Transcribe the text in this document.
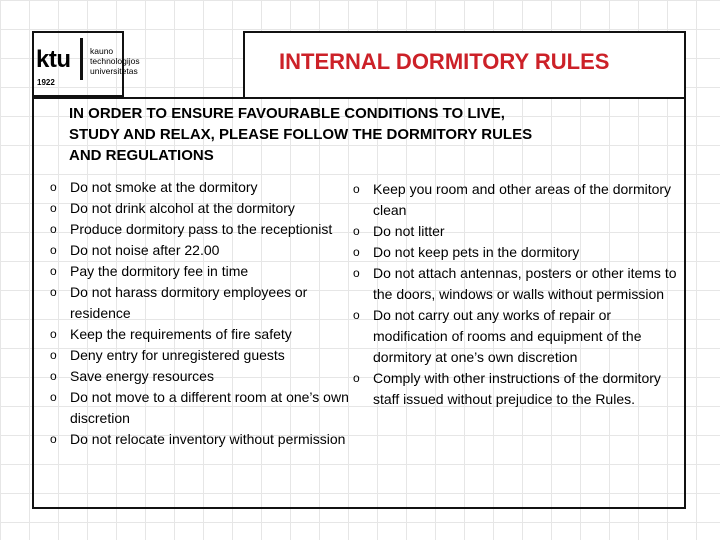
ktu
1922
kauno
technologijos
universitetas	INTERNAL DORMITORY RULES
IN ORDER TO ENSURE FAVOURABLE CONDITIONS TO LIVE,
STUDY AND RELAX, PLEASE FOLLOW THE DORMITORY RULES
AND REGULATIONS
o Do not smoke at the dormitory
o Do not drink alcohol at the dormitory
o Produce dormitory pass to the receptionist
o Do not noise after 22.00
o Pay the dormitory fee in time
o Do not harass dormitory employees or residence
o Keep the requirements of fire safety
o Deny entry for unregistered guests
o Save energy resources
o Do not move to a different room at one’s own discretion
o Do not relocate inventory without permission
o Keep you room and other areas of the dormitory clean
o Do not litter
o Do not keep pets in the dormitory
o Do not attach antennas, posters or other items to the doors, windows or walls without permission
o Do not carry out any works of repair or modification of rooms and equipment of the dormitory at one’s own discretion
o Comply with other instructions of the dormitory staff issued without prejudice to the Rules.
